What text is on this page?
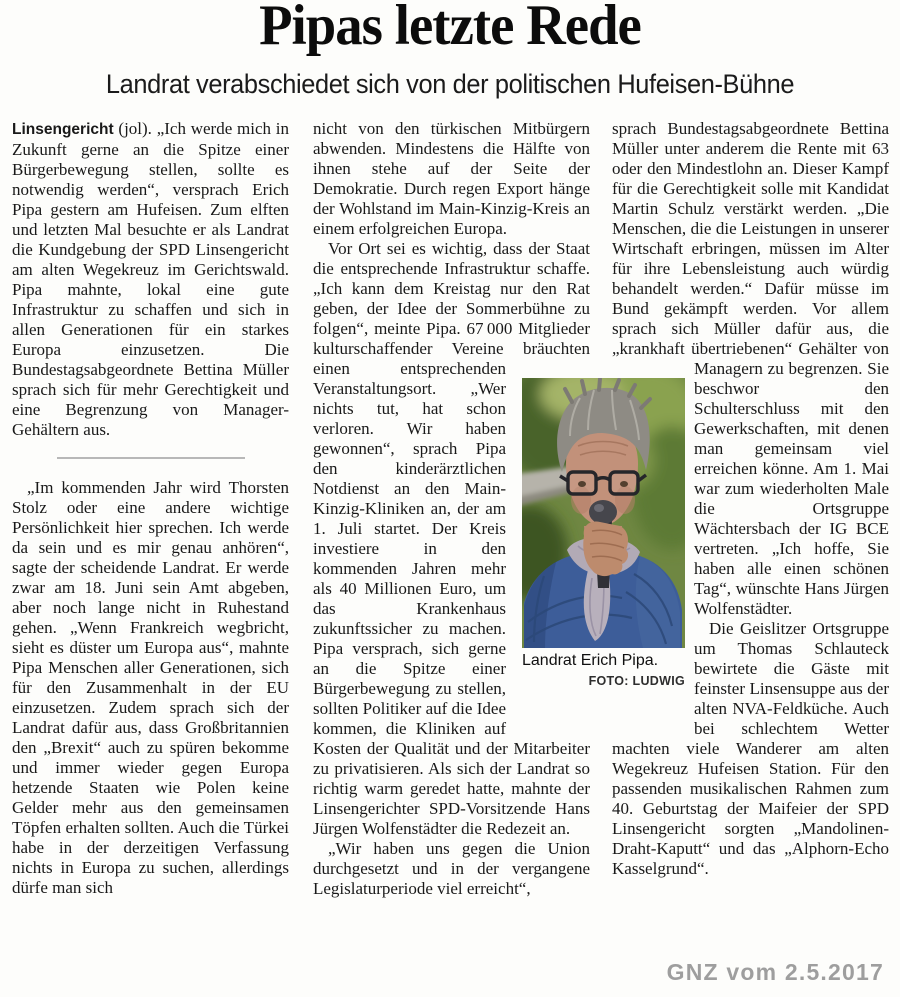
Pipas letzte Rede
Landrat verabschiedet sich von der politischen Hufeisen-Bühne

Linsengericht (jol). „Ich werde mich in Zukunft gerne an die Spitze einer Bürgerbewegung stellen, sollte es notwendig werden“, versprach Erich Pipa gestern am Hufeisen. Zum elften und letzten Mal besuchte er als Landrat die Kundgebung der SPD Linsengericht am alten Wegekreuz im Gerichtswald. Pipa mahnte, lokal eine gute Infrastruktur zu schaffen und sich in allen Generationen für ein starkes Europa einzusetzen. Die Bundestagsabgeordnete Bettina Müller sprach sich für mehr Gerechtigkeit und eine Begrenzung von Manager-Gehältern aus.

„Im kommenden Jahr wird Thorsten Stolz oder eine andere wichtige Persönlichkeit hier sprechen. Ich werde da sein und es mir genau anhören“, sagte der scheidende Landrat. Er werde zwar am 18. Juni sein Amt abgeben, aber noch lange nicht in Ruhestand gehen. „Wenn Frankreich wegbricht, sieht es düster um Europa aus“, mahnte Pipa Menschen aller Generationen, sich für den Zusammenhalt in der EU einzusetzen. Zudem sprach sich der Landrat dafür aus, dass Großbritannien den „Brexit“ auch zu spüren bekomme und immer wieder gegen Europa hetzende Staaten wie Polen keine Gelder mehr aus den gemeinsamen Töpfen erhalten sollten. Auch die Türkei habe in der derzeitigen Verfassung nichts in Europa zu suchen, allerdings dürfe man sich

nicht von den türkischen Mitbürgern abwenden. Mindestens die Hälfte von ihnen stehe auf der Seite der Demokratie. Durch regen Export hänge der Wohlstand im Main-Kinzig-Kreis an einem erfolgreichen Europa.

Vor Ort sei es wichtig, dass der Staat die entsprechende Infrastruktur schaffe. „Ich kann dem Kreistag nur den Rat geben, der Idee der Sommerbühne zu folgen“, meinte Pipa. 67 000 Mitglieder kulturschaffender Vereine bräuchten einen entsprechenden Veranstaltungsort. „Wer nichts tut, hat schon verloren. Wir haben gewonnen“, sprach Pipa den kinderärztlichen Notdienst an den Main-Kinzig-Kliniken an, der am 1. Juli startet. Der Kreis investiere in den kommenden Jahren mehr als 40 Millionen Euro, um das Krankenhaus zukunftssicher zu machen. Pipa versprach, sich gerne an die Spitze einer Bürgerbewegung zu stellen, sollten Politiker auf die Idee kommen, die Kliniken auf Kosten der Qualität und der Mitarbeiter zu privatisieren. Als sich der Landrat so richtig warm geredet hatte, mahnte der Linsengerichter SPD-Vorsitzende Hans Jürgen Wolfenstädter die Redezeit an.

„Wir haben uns gegen die Union durchgesetzt und in der vergangene Legislaturperiode viel erreicht“,

sprach Bundestagsabgeordnete Bettina Müller unter anderem die Rente mit 63 oder den Mindestlohn an. Dieser Kampf für die Gerechtigkeit solle mit Kandidat Martin Schulz verstärkt werden. „Die Menschen, die die Leistungen in unserer Wirtschaft erbringen, müssen im Alter für ihre Lebensleistung auch würdig behandelt werden.“ Dafür müsse im Bund gekämpft werden. Vor allem sprach sich Müller dafür aus, die „krankhaft übertriebenen“ Gehälter von Managern zu begrenzen. Sie beschwor den Schulterschluss mit den Gewerkschaften, mit denen man gemeinsam viel erreichen könne. Am 1. Mai war zum wiederholten Male die Ortsgruppe Wächtersbach der IG BCE vertreten. „Ich hoffe, Sie haben alle einen schönen Tag“, wünschte Hans Jürgen Wolfenstädter.

Die Geislitzer Ortsgruppe um Thomas Schlauteck bewirtete die Gäste mit feinster Linsensuppe aus der alten NVA-Feldküche. Auch bei schlechtem Wetter machten viele Wanderer am alten Wegekreuz Hufeisen Station. Für den passenden musikalischen Rahmen zum 40. Geburtstag der Maifeier der SPD Linsengericht sorgten „Mandolinen-Draht-Kaputt“ und das „Alphorn-Echo Kasselgrund“.

Landrat Erich Pipa.
FOTO: LUDWIG
GNZ vom 2.5.2017
